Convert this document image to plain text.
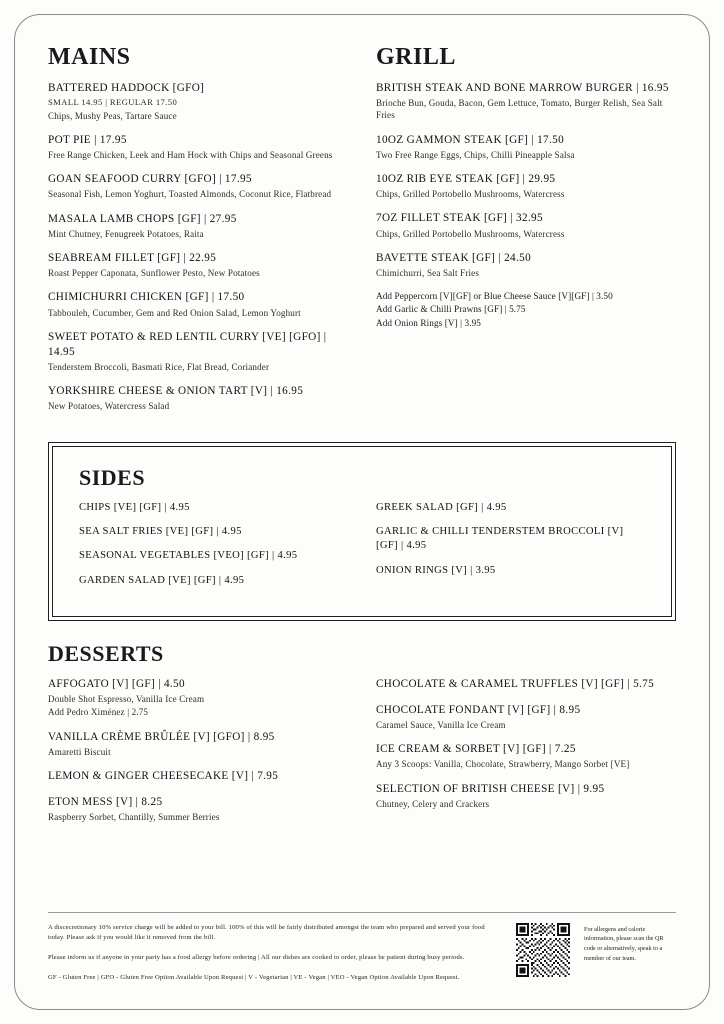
MAINS
BATTERED HADDOCK [GFO]
SMALL 14.95 | REGULAR 17.50
Chips, Mushy Peas, Tartare Sauce
POT PIE | 17.95
Free Range Chicken, Leek and Ham Hock with Chips and Seasonal Greens
GOAN SEAFOOD CURRY [GFO] | 17.95
Seasonal Fish, Lemon Yoghurt, Toasted Almonds, Coconut Rice, Flatbread
MASALA LAMB CHOPS [GF] | 27.95
Mint Chutney, Fenugreek Potatoes, Raita
SEABREAM FILLET [GF] | 22.95
Roast Pepper Caponata, Sunflower Pesto, New Potatoes
CHIMICHURRI CHICKEN [GF] | 17.50
Tabbouleh, Cucumber, Gem and Red Onion Salad, Lemon Yoghurt
SWEET POTATO & RED LENTIL CURRY [VE] [GFO] | 14.95
Tenderstem Broccoli, Basmati Rice, Flat Bread, Coriander
YORKSHIRE CHEESE & ONION TART [V] | 16.95
New Potatoes, Watercress Salad
GRILL
BRITISH STEAK AND BONE MARROW BURGER | 16.95
Brioche Bun, Gouda, Bacon, Gem Lettuce, Tomato, Burger Relish, Sea Salt Fries
10OZ GAMMON STEAK [GF] | 17.50
Two Free Range Eggs, Chips, Chilli Pineapple Salsa
10OZ RIB EYE STEAK [GF] | 29.95
Chips, Grilled Portobello Mushrooms, Watercress
7OZ FILLET STEAK [GF] | 32.95
Chips, Grilled Portobello Mushrooms, Watercress
BAVETTE STEAK [GF] | 24.50
Chimichurri, Sea Salt Fries
Add Peppercorn [V][GF] or Blue Cheese Sauce [V][GF] | 3.50
Add Garlic & Chilli Prawns [GF] | 5.75
Add Onion Rings [V] | 3.95
SIDES
CHIPS [VE] [GF] | 4.95
SEA SALT FRIES [VE] [GF] | 4.95
SEASONAL VEGETABLES [VEO] [GF] | 4.95
GARDEN SALAD [VE] [GF] | 4.95
GREEK SALAD [GF] | 4.95
GARLIC & CHILLI TENDERSTEM BROCCOLI [V] [GF] | 4.95
ONION RINGS [V] | 3.95
DESSERTS
AFFOGATO [V] [GF] | 4.50
Double Shot Espresso, Vanilla Ice Cream
Add Pedro Ximénez | 2.75
VANILLA CRÈME BRÛLÉE [V] [GFO] | 8.95
Amaretti Biscuit
LEMON & GINGER CHEESECAKE [V] | 7.95
ETON MESS [V] | 8.25
Raspberry Sorbet, Chantilly, Summer Berries
CHOCOLATE & CARAMEL TRUFFLES [V] [GF] | 5.75
CHOCOLATE FONDANT [V] [GF] | 8.95
Caramel Sauce, Vanilla Ice Cream
ICE CREAM & SORBET [V] [GF] | 7.25
Any 3 Scoops: Vanilla, Chocolate, Strawberry, Mango Sorbet [VE]
SELECTION OF BRITISH CHEESE [V] | 9.95
Chutney, Celery and Crackers

A discecretionary 10% service charge will be added to your bill. 100% of this will be fairly distributed amongst the team who prepared and served your food today. Please ask if you would like it removed from the bill.

Please inform us if anyone in your party has a food allergy before ordering | All our dishes are cooked to order, please be patient during busy periods.

GF - Gluten Free | GFO - Gluten Free Option Available Upon Request | V - Vegetarian | VE - Vegan | VEO - Vegan Option Available Upon Request.

For allergens and calorie information, please scan the QR code or alternatively, speak to a member of our team.
